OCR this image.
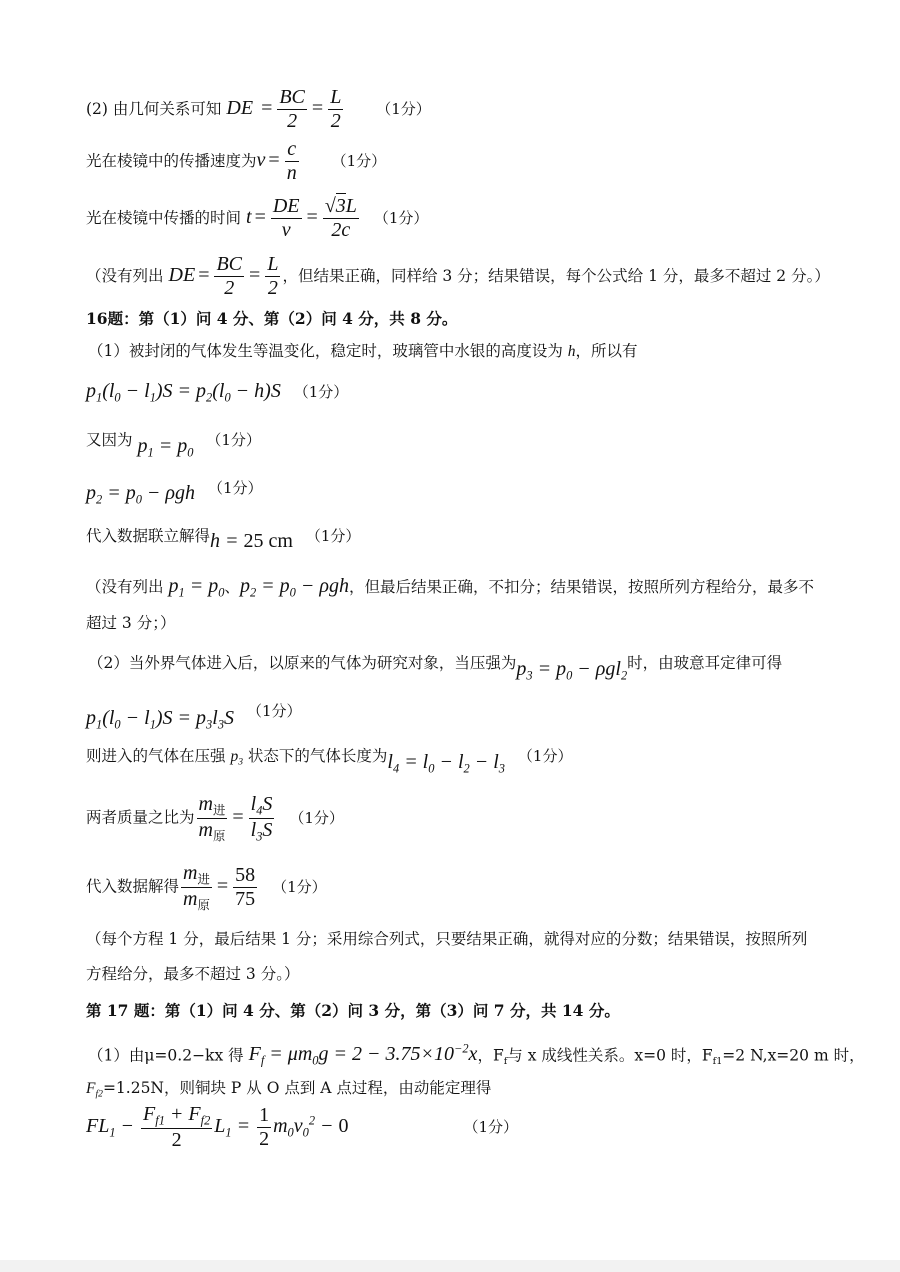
(2) 由几何关系可知 DE = $\frac{BC}{2} = \frac{L}{2} (1$分）
光在棱镜中的传播速度为$v = \frac{c}{n} (1$分）
光在棱镜中传播的时间 $t = \frac{DE}{v} = \frac{√3L}{2c} (1$分）
（没有列出 DE = $\frac{BC}{2} = \frac{L}{2}$ ，但结果正确，同样给 3 分；结果错误，每个公式给 1 分，最多不超过 2 分。）
16题：第（1）问 4 分、第（2）问 4 分，共 8 分。
（1）被封闭的气体发生等温变化，稳定时，玻璃管中水银的高度设为 h，所以有
$p_1(l_0 - l_1)S = p_2(l_0 - h)S$ （1分）
又因为 $p_1 = p_0$ （1分）
$p_2 = p_0 - \rho gh$ （1分）
代入数据联立解得h = 25 cm （1分）
（没有列出 $p_1 = p_0$、$p_2 = p_0 - \rho gh$，但最后结果正确，不扣分；结果错误，按照所列方程给分，最多不
超过 3 分；）
（2）当外界气体进入后，以原来的气体为研究对象，当压强为$p_3 = p_0 - \rho gl_2$时，由玻意耳定律可得
$p_1(l_0 - l_1)S = p_3l_3S$ （1分）
则进入的气体在压强 $p_3$ 状态下的气体长度为$l_4 = l_0 - l_2 - l_3$ （1分）
两者质量之比为
$m_进$
$m_原$
= $\frac{l_4S}{l_3S} (1$分）
代入数据解得
$m_进$
$m_原$
= $\frac{58}{75} (1$分）
（每个方程 1 分，最后结果 1 分；采用综合列式，只要结果正确，就得对应的分数；结果错误，按照所列
方程给分，最多不超过 3 分。）
第 17 题：第（1）问 4 分、第（2）问 3 分，第（3）问 7 分，共 14 分。
（1）由μ=0.2−kx 得 $F_f = \mu m_0g = 2 - 3.75\times 10^{-2}x$，$F_f$与 x 成线性关系。x=0 时，$F_{f1}=2$ N,x=20 m 时，
$F_{f2}=1.25N$，则铜块 P 从 O 点到 A 点过程，由动能定理得
$FL_1 - \frac{F_{f1} + F_{f2}}{2} L_1 = \frac{1}{2} m_0v_0^2 - 0$	（1分）
